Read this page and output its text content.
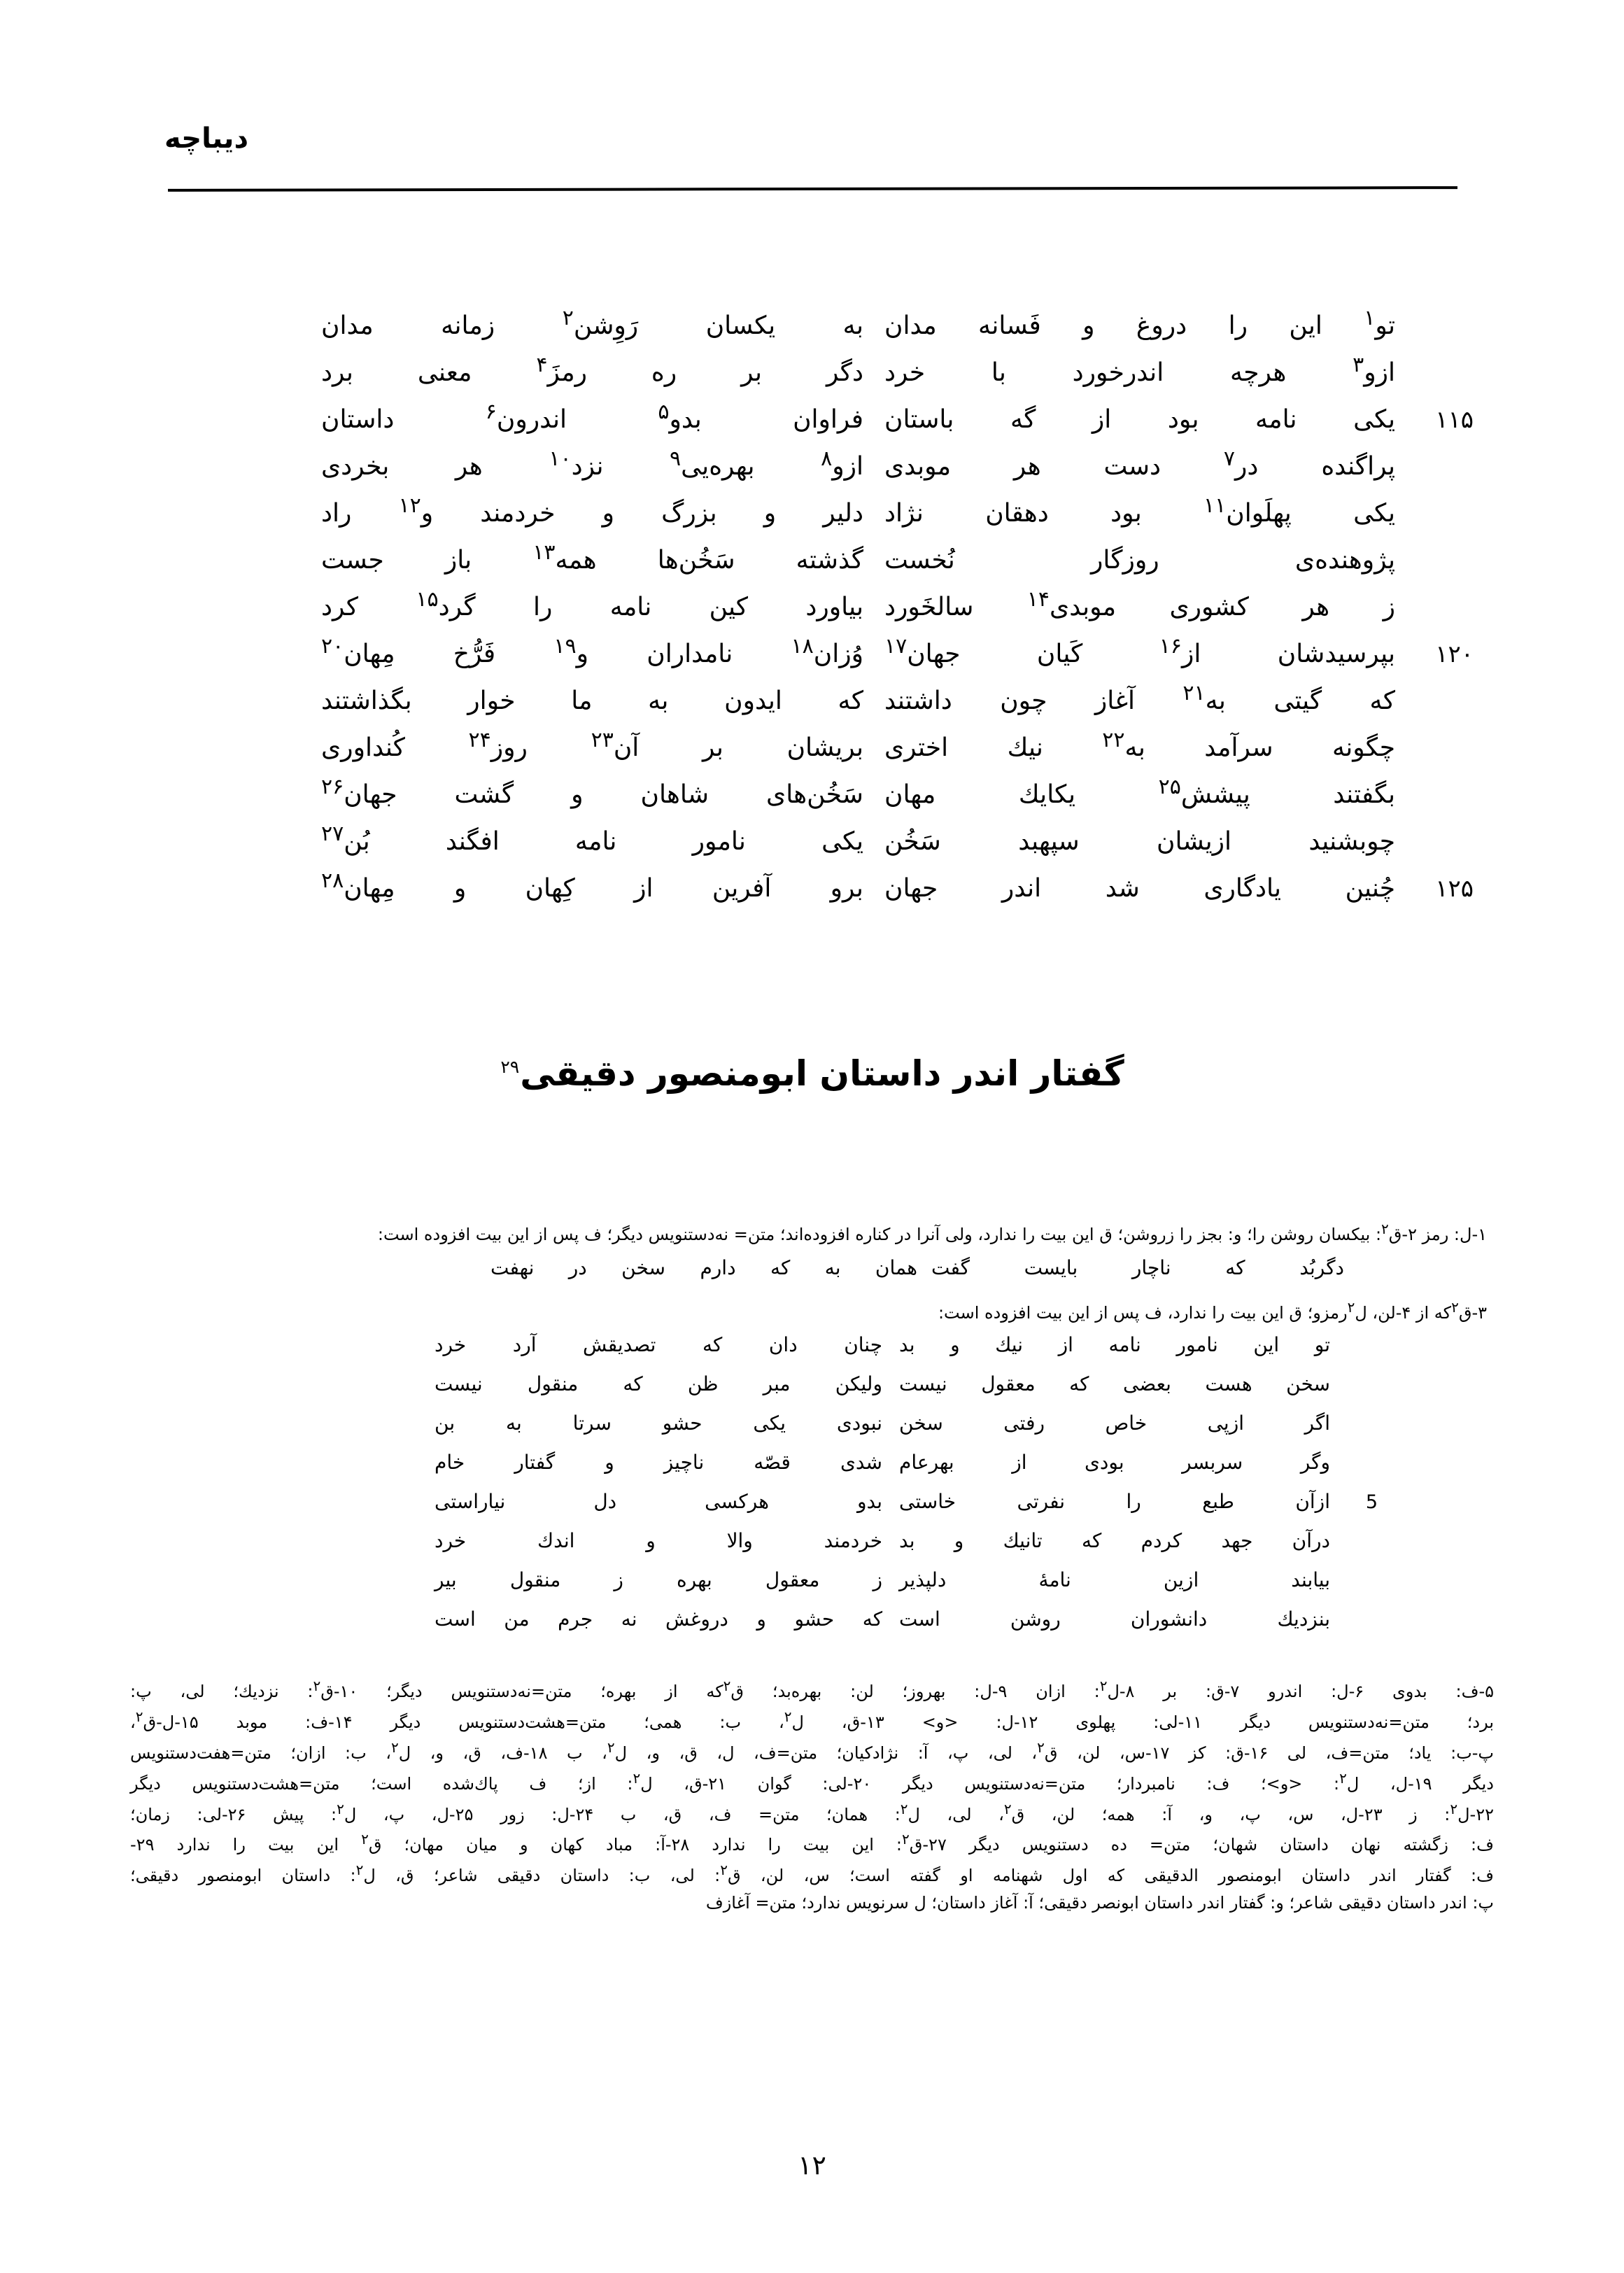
دیباچه
تو$^۱$ این را دروغ و فَسانه مدان
به یکسان رَوِشن$^۲$ زمانه مدان
ازو$^۳$ هرچه اندرخورد با خرد
دگر بر ره رمزَ$^۴$ معنی برد
۱۱۵
یکی نامه بود از گه باستان
فراوان بدو$^۵$ اندرون$^۶$ داستان
پراگنده در$^۷$ دست هر موبدی
ازو$^۸$ بهره‌یی$^۹$ نزد$^{۱۰}$ هر بخردی
یکی پهلَوان$^{۱۱}$ بود دهقان نژاد
دلیر و بزرگ و خردمند و$^{۱۲}$ راد
پژوهنده‌ی روزگار نُخست
گذشته سَخُن‌ها همه$^{۱۳}$ باز جست
ز هر کشوری موبدی$^{۱۴}$ سالخَورد
بیاورد کین نامه را گرد$^{۱۵}$ کرد
۱۲۰
بپرسیدشان از$^{۱۶}$ کَیان جهان$^{۱۷}$
وُزان$^{۱۸}$ نامداران و$^{۱۹}$ فَرُّخ مِهان$^{۲۰}$
که گیتی به$^{۲۱}$ آغاز چون داشتند
که ایدون به ما خوار بگذاشتند
چگونه سرآمد به$^{۲۲}$ نیك اختری
بریشان بر آن$^{۲۳}$ روز$^{۲۴}$ کُنداوری
بگفتند پیشش$^{۲۵}$ یکایك مهان
سَخُن‌های شاهان و گشت جهان$^{۲۶}$
چوبشنید ازیشان سپهبد سَخُن
یکی نامور نامه افگند بُن$^{۲۷}$
۱۲۵
چُنین یادگاری شد اندر جهان
برو آفرین از کِهان و مِهان$^{۲۸}$
گفتار اندر داستان ابومنصور دقیقی$^{۲۹}$
۱-ل: رمز ۲-ق$^۲$: بیکسان روشن را؛ و: بجز را زروشن؛ ق این بیت را ندارد، ولی آنرا در کناره افزوده‌اند؛ متن= نه‌دستنویس دیگر؛ ف پس از این بیت افزوده است:
دگربُد که ناچار بایست گفت
همان به که دارم سخن در نهفت
۳-ق$^۲$که از ۴-لن، ل$^۲$رمزو؛ ق این بیت را ندارد، ف پس از این بیت افزوده است:
تو این نامور نامه از نیك و بد
چنان دان که تصدیقش آرد خرد
سخن هست بعضی که معقول نیست
ولیکن مبر ظن که منقول نیست
اگر ازپی خاص رفتی سخن
نبودی یکی حشو سرتا به بن
وگر سربسر بودی از بهرعام
شدی قصّه ناچیز و گفتار خام
5
ازآن طبع را نفرتی خاستی
بدو هرکسی دل نیاراستی
درآن جهد کردم که تانیك و بد
خردمند والا و اندك خرد
بیابند ازین نامهٔ دلپذیر
ز معقول بهره ز منقول بیر
بنزدیك دانشوران روشن است
که حشو و دروغش نه جرم من است
۵-ف: بدوی ۶-ل: اندرو ۷-ق: بر ۸-ل$^۲$: ازان ۹-ل: بهروز؛ لن: بهره‌بد؛ ق$^۲$که از بهره؛ متن=نه‌دستنویس دیگر؛ ۱۰-ق$^۲$: نزدیك؛ لی، پ:
برد؛ متن=نه‌دستنویس دیگر ۱۱-لی: پهلوی ۱۲-ل: <و> ۱۳-ق، ل$^۲$، ب: همی؛ متن=هشت‌دستنویس دیگر ۱۴-ف: موبد ۱۵-ل-ق$^۲$،
پ-ب: یاد؛ متن=ف، لی ۱۶-ق: کز ۱۷-س، لن، ق$^۲$، لی، پ، آ: نژادکیان؛ متن=ف، ل، ق، و، ل$^۲$، ب ۱۸-ف، ق، و، ل$^۲$، ب: ازان؛ متن=هفت‌دستنویس
دیگر ۱۹-ل، ل$^۲$: <و>؛ ف: نامبردار؛ متن=نه‌دستنویس دیگر ۲۰-لی: گوان ۲۱-ق، ل$^۲$: از؛ ف پاك‌شده است؛ متن=هشت‌دستنویس دیگر
۲۲-ل$^۲$: ز ۲۳-ل، س، پ، و، آ: همه؛ لن، ق$^۲$، لی، ل$^۲$: همان؛ متن= ف، ق، ب ۲۴-ل: زور ۲۵-ل، پ، ل$^۲$: پیش ۲۶-لی: زمان؛
ف: زگشته نهان داستان شهان؛ متن= ده دستنویس دیگر ۲۷-ق$^۲$: این بیت را ندارد ۲۸-آ: مباد کهان و میان مهان؛ ق$^۲$ این بیت را ندارد ۲۹-
ف: گفتار اندر داستان ابومنصور الدقیقی که اول شهنامه او گفته است؛ س، لن، ق$^۲$: لی، ب: داستان دقیقی شاعر؛ ق، ل$^۲$: داستان ابومنصور دقیقی؛
پ: اندر داستان دقیقی شاعر؛ و: گفتار اندر داستان ابونصر دقیقی؛ آ: آغاز داستان؛ ل سرنویس ندارد؛ متن= آغازف
۱۲
